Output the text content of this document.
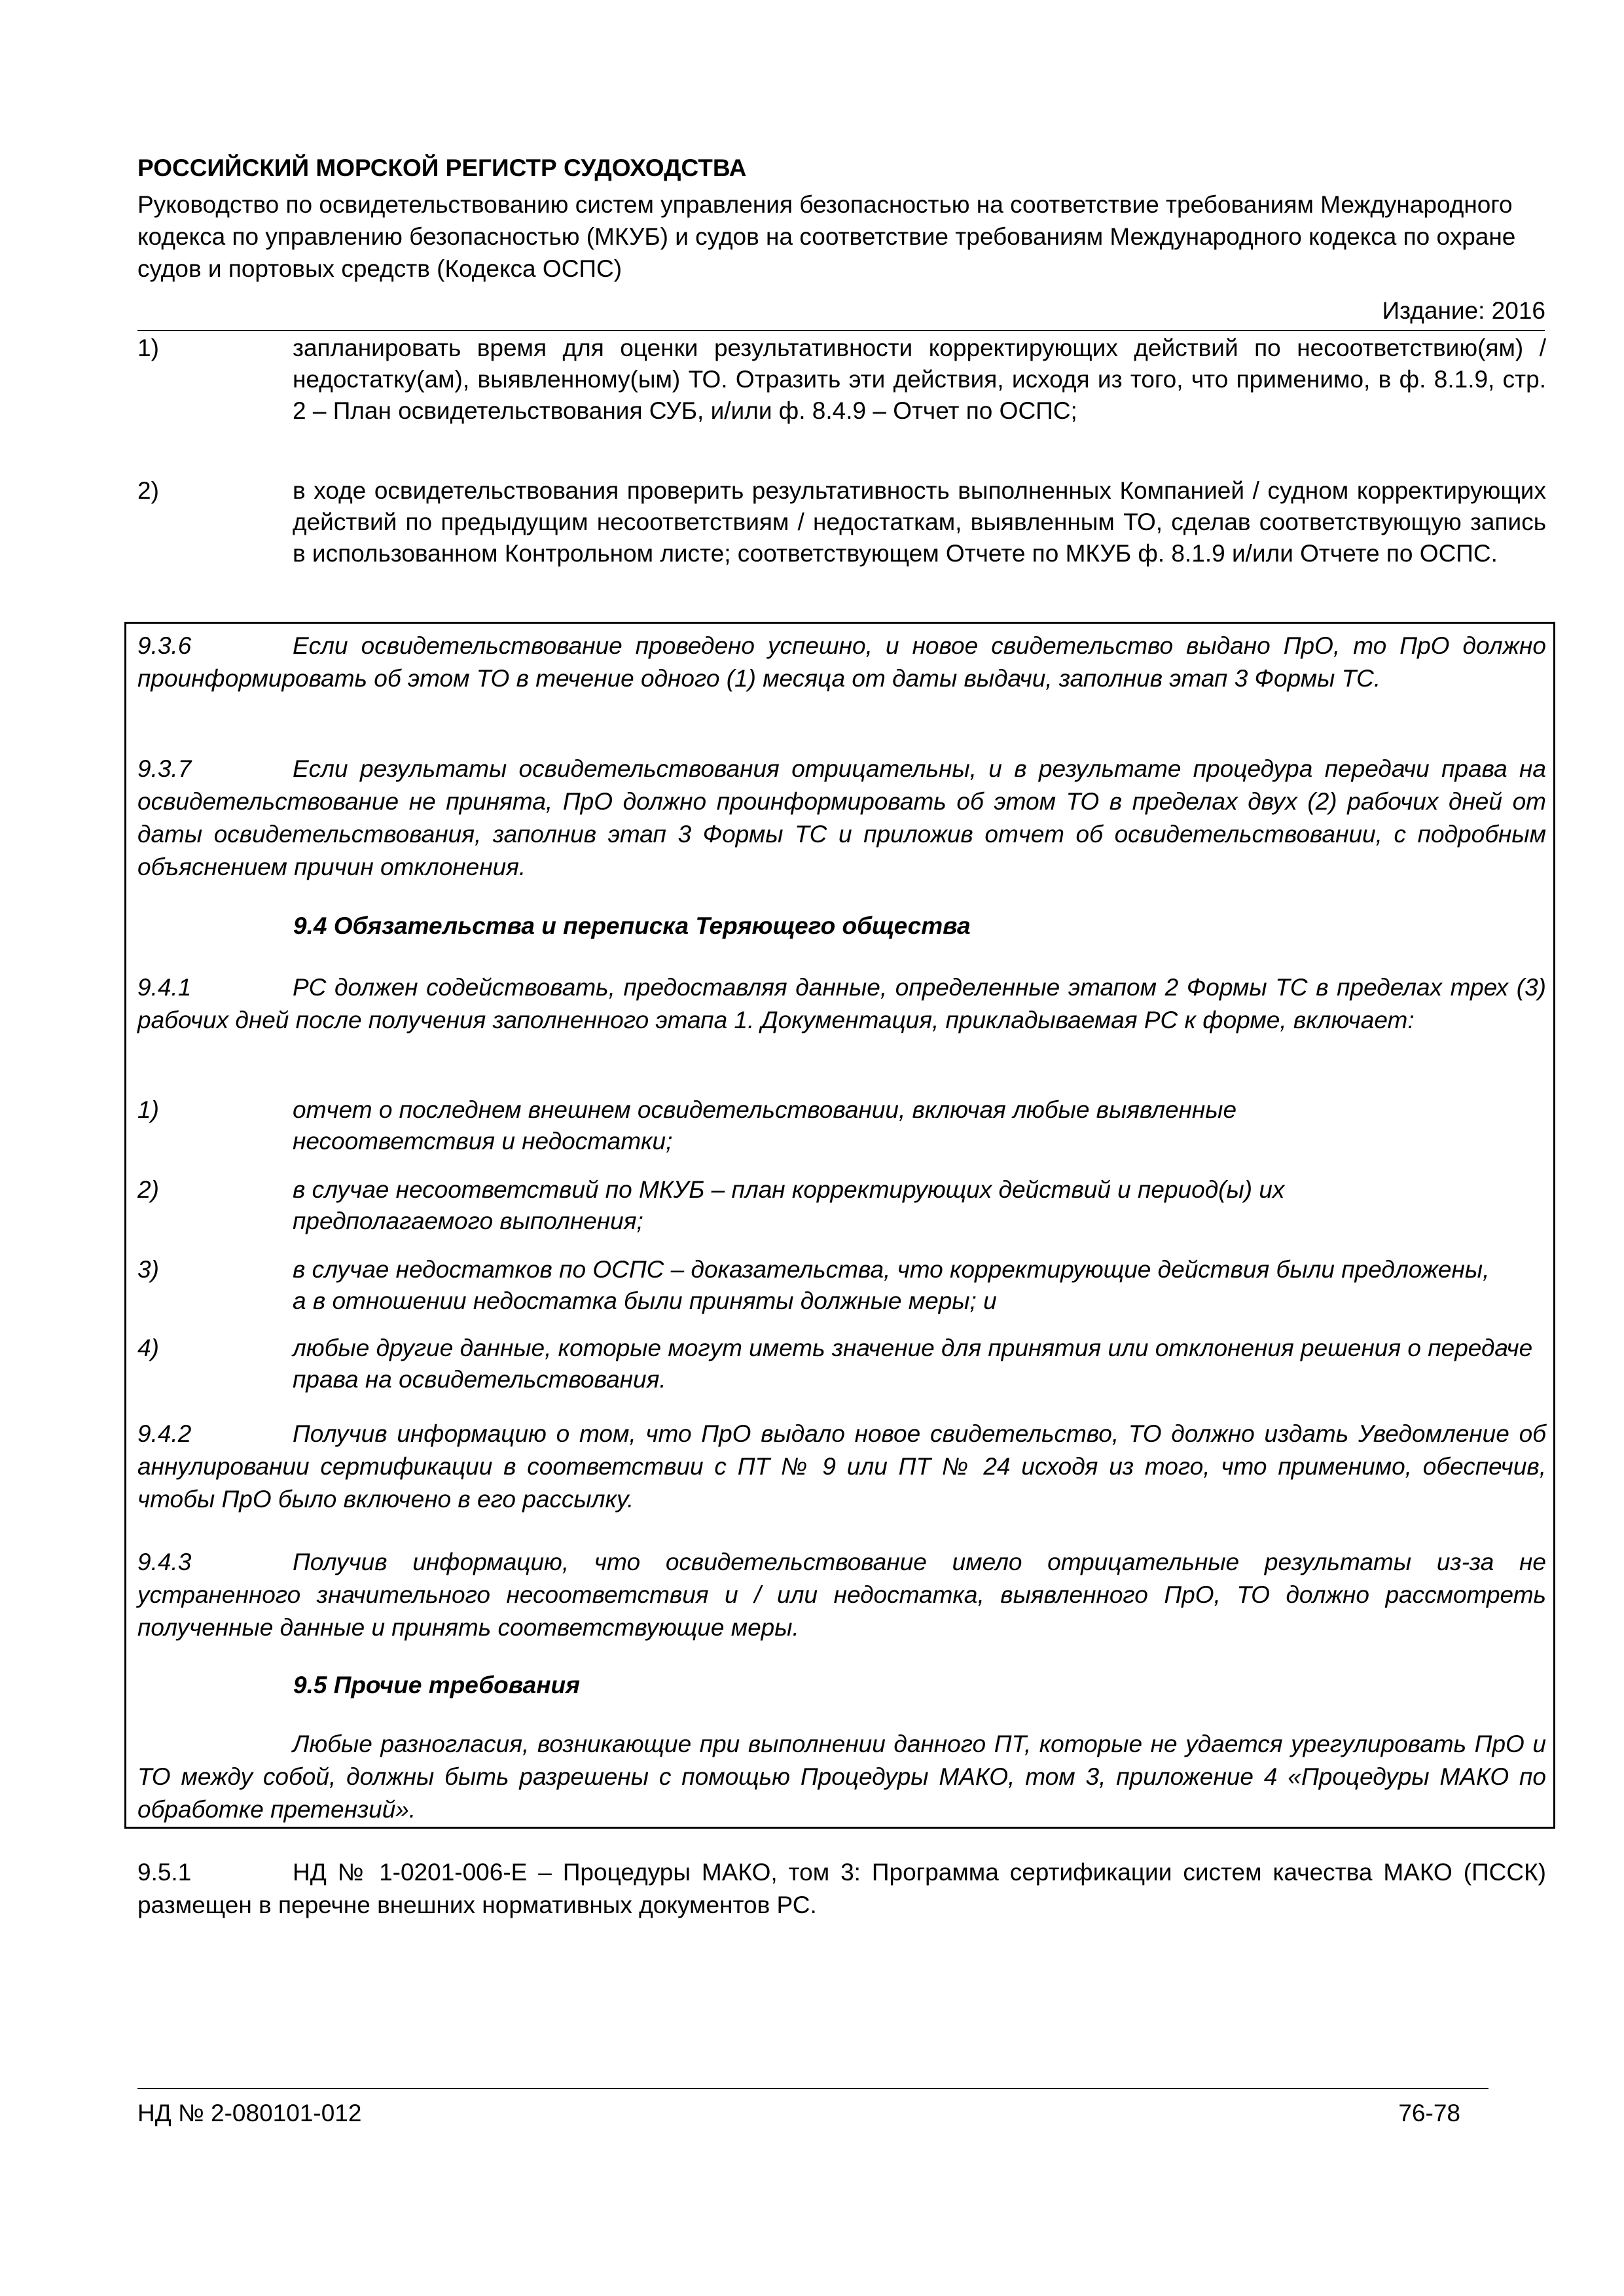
РОССИЙСКИЙ МОРСКОЙ РЕГИСТР СУДОХОДСТВА
Руководство по освидетельствованию систем управления безопасностью на соответствие требованиям Международного кодекса по управлению безопасностью (МКУБ) и судов на соответствие требованиям Международного кодекса по охране судов и портовых средств (Кодекса ОСПС)
Издание: 2016
1)	запланировать время для оценки результативности корректирующих действий по несоответствию(ям) / недостатку(ам), выявленному(ым) ТО. Отразить эти действия, исходя из того, что применимо, в ф. 8.1.9, стр. 2 – План освидетельствования СУБ, и/или ф. 8.4.9 – Отчет по ОСПС;
2)	в ходе освидетельствования проверить результативность выполненных Компанией / судном корректирующих действий по предыдущим несоответствиям / недостаткам, выявленным ТО, сделав соответствующую запись в использованном Контрольном листе; соответствующем Отчете по МКУБ ф. 8.1.9 и/или Отчете по ОСПС.
9.3.6	Если освидетельствование проведено успешно, и новое свидетельство выдано ПрО, то ПрО должно проинформировать об этом ТО в течение одного (1) месяца от даты выдачи, заполнив этап 3 Формы ТС.
9.3.7	Если результаты освидетельствования отрицательны, и в результате процедура передачи права на освидетельствование не принята, ПрО должно проинформировать об этом ТО в пределах двух (2) рабочих дней от даты освидетельствования, заполнив этап 3 Формы ТС и приложив отчет об освидетельствовании, с подробным объяснением причин отклонения.
9.4 Обязательства и переписка Теряющего общества
9.4.1	РС должен содействовать, предоставляя данные, определенные этапом 2 Формы ТС в пределах трех (3) рабочих дней после получения заполненного этапа 1. Документация, прикладываемая РС к форме, включает:
1)	отчет о последнем внешнем освидетельствовании, включая любые выявленные несоответствия и недостатки;
2)	в случае несоответствий по МКУБ – план корректирующих действий и период(ы) их предполагаемого выполнения;
3)	в случае недостатков по ОСПС – доказательства, что корректирующие действия были предложены, а в отношении недостатка были приняты должные меры; и
4)	любые другие данные, которые могут иметь значение для принятия или отклонения решения о передаче права на освидетельствования.
9.4.2	Получив информацию о том, что ПрО выдало новое свидетельство, ТО должно издать Уведомление об аннулировании сертификации в соответствии с ПТ № 9 или ПТ № 24 исходя из того, что применимо, обеспечив, чтобы ПрО было включено в его рассылку.
9.4.3	Получив информацию, что освидетельствование имело отрицательные результаты из-за не устраненного значительного несоответствия и / или недостатка, выявленного ПрО, ТО должно рассмотреть полученные данные и принять соответствующие меры.
9.5 Прочие требования
Любые разногласия, возникающие при выполнении данного ПТ, которые не удается урегулировать ПрО и ТО между собой, должны быть разрешены с помощью Процедуры МАКО, том 3, приложение 4 «Процедуры МАКО по обработке претензий».
9.5.1	НД № 1-0201-006-Е – Процедуры МАКО, том 3: Программа сертификации систем качества МАКО (ПССК) размещен в перечне внешних нормативных документов РС.
НД № 2-080101-012	76-78
